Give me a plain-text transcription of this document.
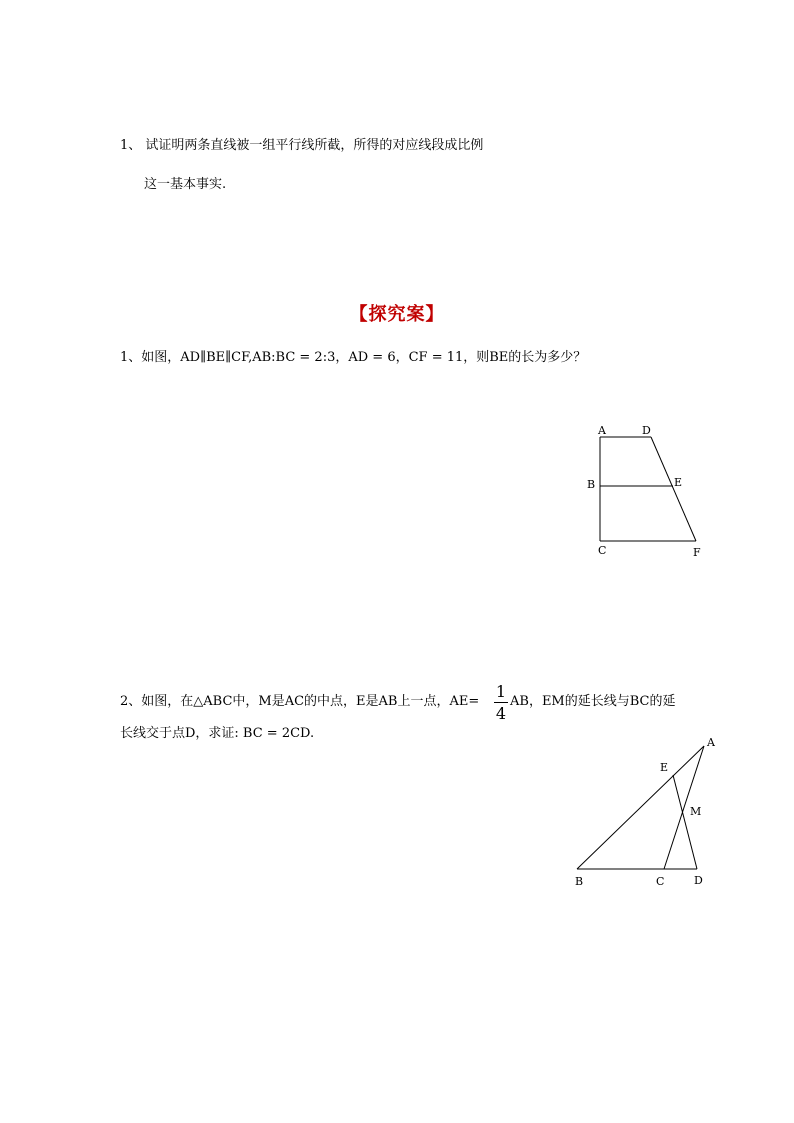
1、 试证明两条直线被一组平行线所截，所得的对应线段成比例
这一基本事实.
【探究案】
1、如图，AD∥BE∥CF,AB:BC = 2:3，AD = 6，CF = 11，则BE的长为多少？
2、如图，在△ABC中，M是AC的中点，E是AB上一点，AE=
1
4
AB，EM的延长线与BC的延
长线交于点D，求证: BC = 2CD.
A	D
B	E
C	F
A
E
M
B	C	D
